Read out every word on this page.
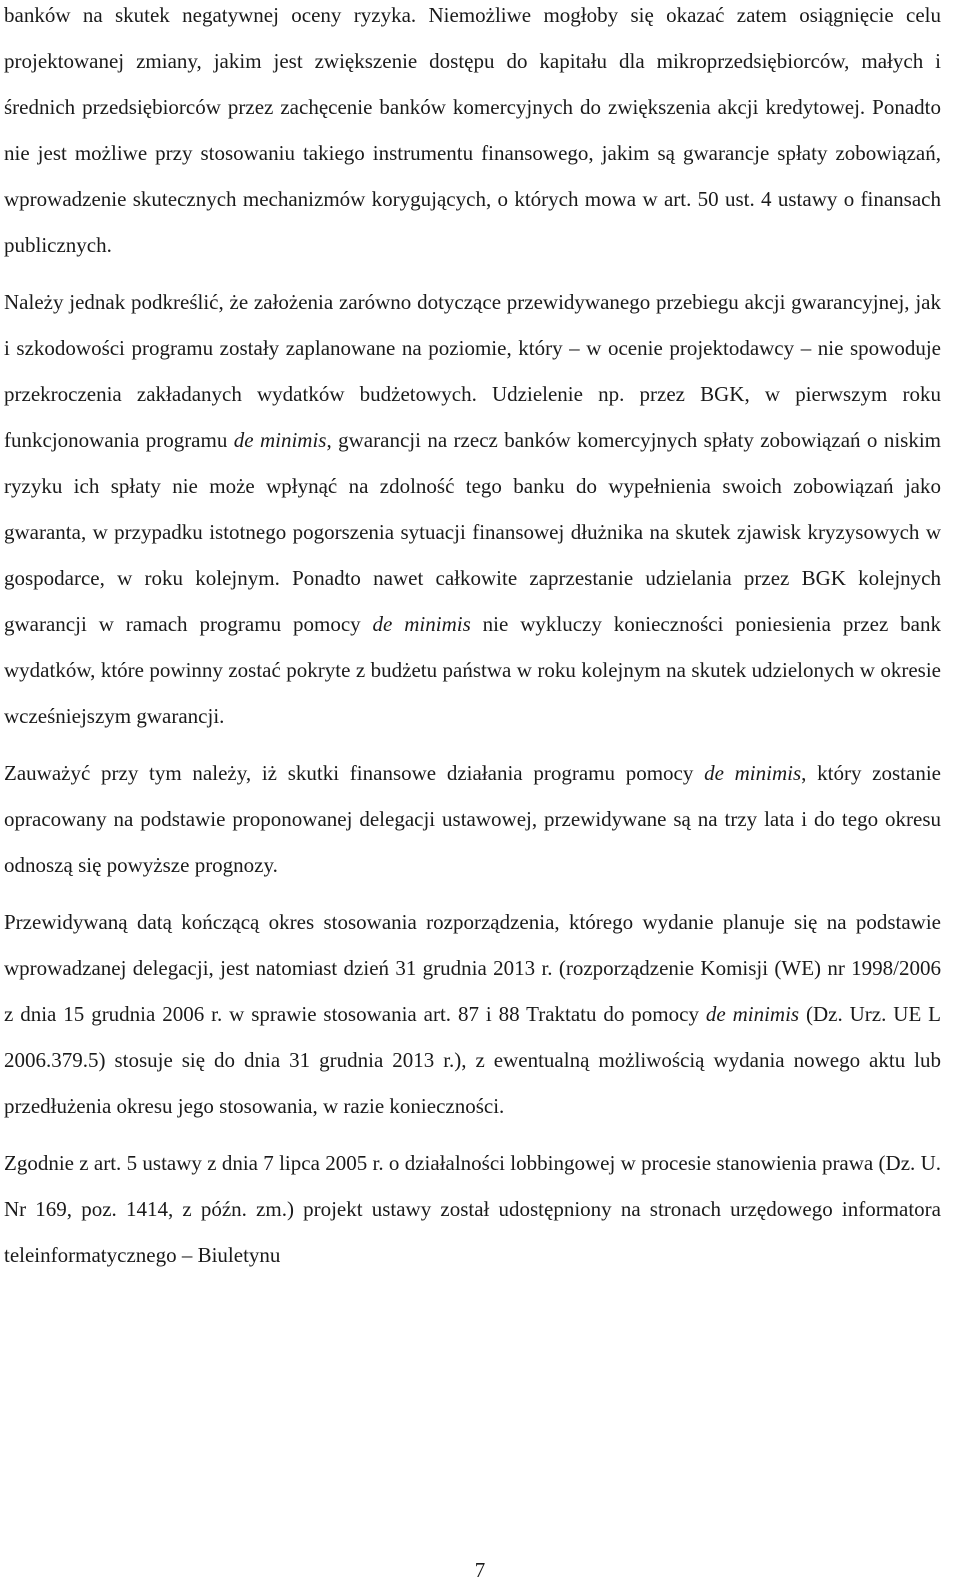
banków na skutek negatywnej oceny ryzyka. Niemożliwe mogłoby się okazać zatem osiągnięcie celu projektowanej zmiany, jakim jest zwiększenie dostępu do kapitału dla mikroprzedsiębiorców, małych i średnich przedsiębiorców przez zachęcenie banków komercyjnych do zwiększenia akcji kredytowej. Ponadto nie jest możliwe przy stosowaniu takiego instrumentu finansowego, jakim są gwarancje spłaty zobowiązań, wprowadzenie skutecznych mechanizmów korygujących, o których mowa w art. 50 ust. 4 ustawy o finansach publicznych.

Należy jednak podkreślić, że założenia zarówno dotyczące przewidywanego przebiegu akcji gwarancyjnej, jak i szkodowości programu zostały zaplanowane na poziomie, który – w ocenie projektodawcy – nie spowoduje przekroczenia zakładanych wydatków budżetowych. Udzielenie np. przez BGK, w pierwszym roku funkcjonowania programu de minimis, gwarancji na rzecz banków komercyjnych spłaty zobowiązań o niskim ryzyku ich spłaty nie może wpłynąć na zdolność tego banku do wypełnienia swoich zobowiązań jako gwaranta, w przypadku istotnego pogorszenia sytuacji finansowej dłużnika na skutek zjawisk kryzysowych w gospodarce, w roku kolejnym. Ponadto nawet całkowite zaprzestanie udzielania przez BGK kolejnych gwarancji w ramach programu pomocy de minimis nie wykluczy konieczności poniesienia przez bank wydatków, które powinny zostać pokryte z budżetu państwa w roku kolejnym na skutek udzielonych w okresie wcześniejszym gwarancji.

Zauważyć przy tym należy, iż skutki finansowe działania programu pomocy de minimis, który zostanie opracowany na podstawie proponowanej delegacji ustawowej, przewidywane są na trzy lata i do tego okresu odnoszą się powyższe prognozy.

Przewidywaną datą kończącą okres stosowania rozporządzenia, którego wydanie planuje się na podstawie wprowadzanej delegacji, jest natomiast dzień 31 grudnia 2013 r. (rozporządzenie Komisji (WE) nr 1998/2006 z dnia 15 grudnia 2006 r. w sprawie stosowania art. 87 i 88 Traktatu do pomocy de minimis (Dz. Urz. UE L 2006.379.5) stosuje się do dnia 31 grudnia 2013 r.), z ewentualną możliwością wydania nowego aktu lub przedłużenia okresu jego stosowania, w razie konieczności.

Zgodnie z art. 5 ustawy z dnia 7 lipca 2005 r. o działalności lobbingowej w procesie stanowienia prawa (Dz. U. Nr 169, poz. 1414, z późn. zm.) projekt ustawy został udostępniony na stronach urzędowego informatora teleinformatycznego – Biuletynu

7
